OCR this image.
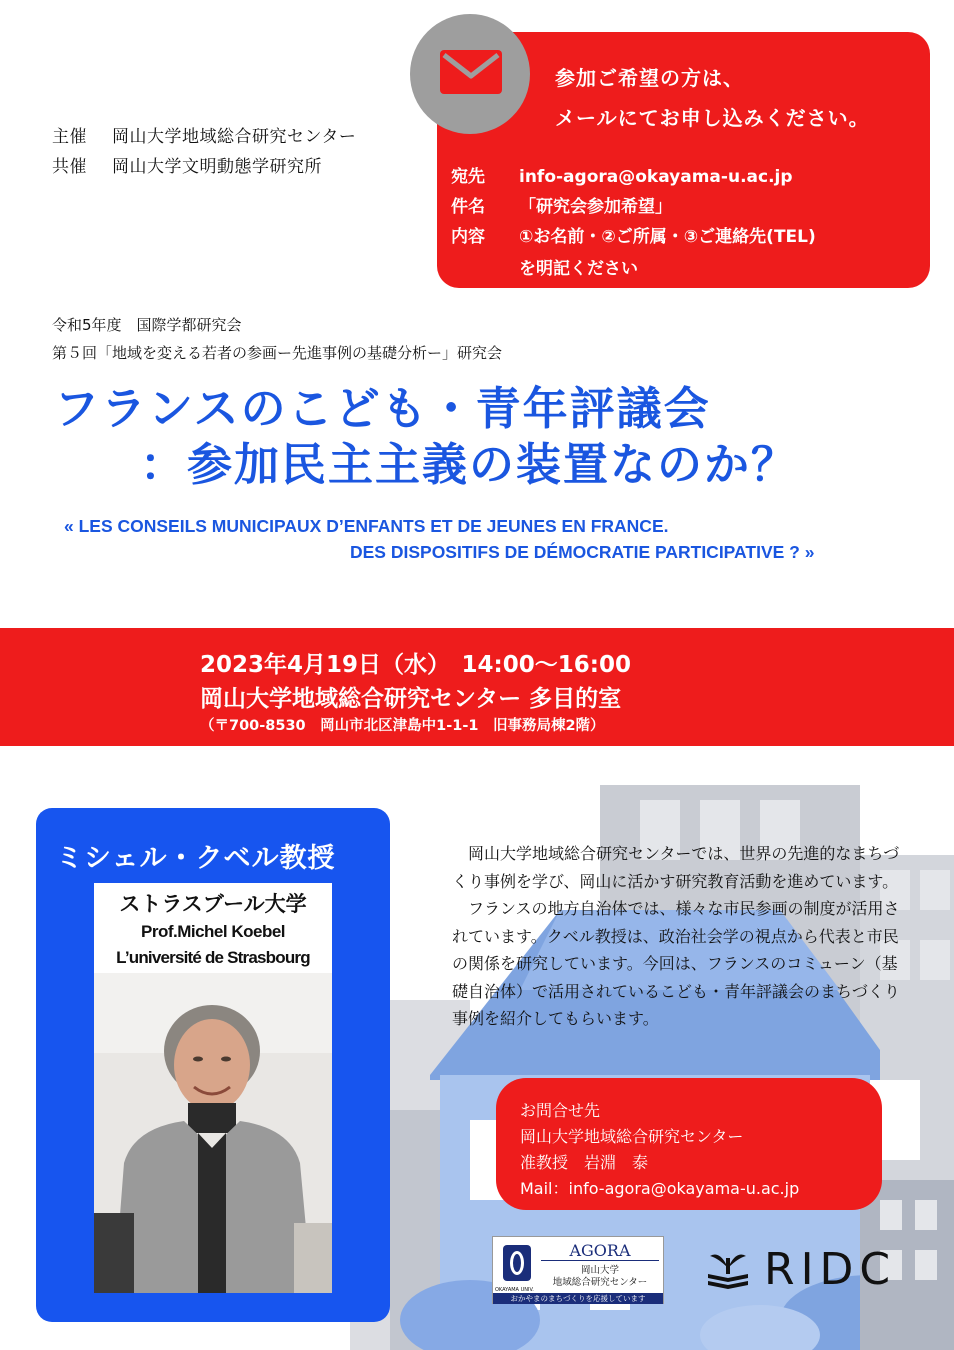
主催 岡山大学地域総合研究センター
共催 岡山大学文明動態学研究所
参加ご希望の方は、
メールにてお申し込みください。
宛先 info-agora@okayama-u.ac.jp
件名 「研究会参加希望」
内容 ①お名前・②ご所属・③ご連絡先(TEL)
を明記ください
令和5年度　国際学都研究会
第５回「地域を変える若者の参画ー先進事例の基礎分析ー」研究会
フランスのこども・青年評議会
：参加民主主義の装置なのか？
« LES CONSEILS MUNICIPAUX D’ENFANTS ET DE JEUNES EN FRANCE.
DES DISPOSITIFS DE DÉMOCRATIE PARTICIPATIVE ? »
2023年4月19日（水）　14:00～16:00
岡山大学地域総合研究センター 多目的室
（〒700-8530　岡山市北区津島中1-1-1　旧事務局棟2階）
ミシェル・クベル教授
ストラスブール大学
Prof.Michel Koebel
L’université de Strasbourg

岡山大学地域総合研究センターでは、世界の先進的なまちづくり事例を学び、岡山に活かす研究教育活動を進めています。

フランスの地方自治体では、様々な市民参画の制度が活用されています。クベル教授は、政治社会学の視点から代表と市民の関係を研究しています。今回は、フランスのコミューン（基礎自治体）で活用されているこども・青年評議会のまちづくり事例を紹介してもらいます。

お問合せ先
岡山大学地域総合研究センター
准教授　岩淵　泰
Mail：info-agora@okayama-u.ac.jp
AGORA
岡山大学
地域総合研究センター
OKAYAMA UNIV.
おかやまのまちづくりを応援しています
RIDC
